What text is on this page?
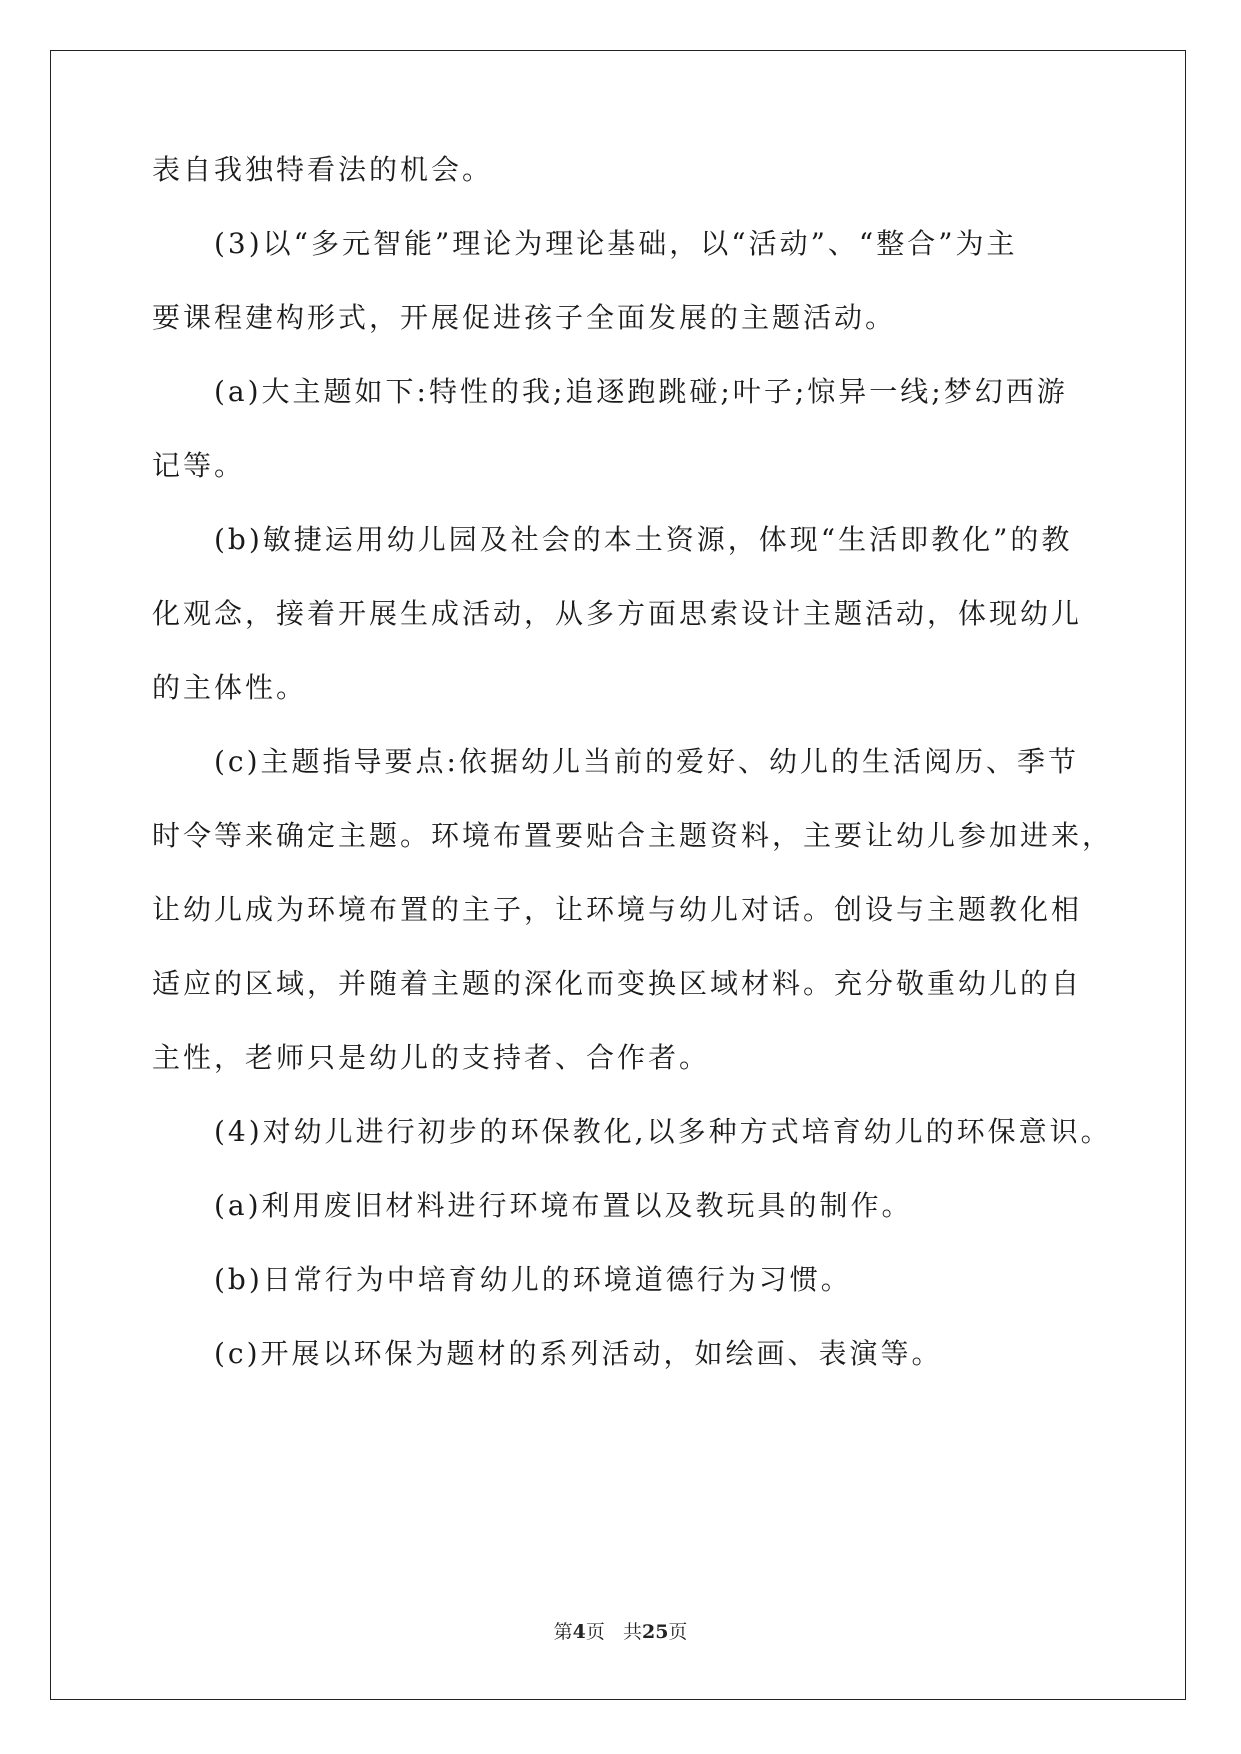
表自我独特看法的机会。
(3)以“多元智能”理论为理论基础，以“活动”、“整合”为主
要课程建构形式，开展促进孩子全面发展的主题活动。
(a)大主题如下:特性的我;追逐跑跳碰;叶子;惊异一线;梦幻西游
记等。
(b)敏捷运用幼儿园及社会的本土资源，体现“生活即教化”的教
化观念，接着开展生成活动，从多方面思索设计主题活动，体现幼儿
的主体性。
(c)主题指导要点:依据幼儿当前的爱好、幼儿的生活阅历、季节
时令等来确定主题。环境布置要贴合主题资料，主要让幼儿参加进来，
让幼儿成为环境布置的主子，让环境与幼儿对话。创设与主题教化相
适应的区域，并随着主题的深化而变换区域材料。充分敬重幼儿的自
主性，老师只是幼儿的支持者、合作者。
(4)对幼儿进行初步的环保教化,以多种方式培育幼儿的环保意识。
(a)利用废旧材料进行环境布置以及教玩具的制作。
(b)日常行为中培育幼儿的环境道德行为习惯。
(c)开展以环保为题材的系列活动，如绘画、表演等。
第4页 共25页
